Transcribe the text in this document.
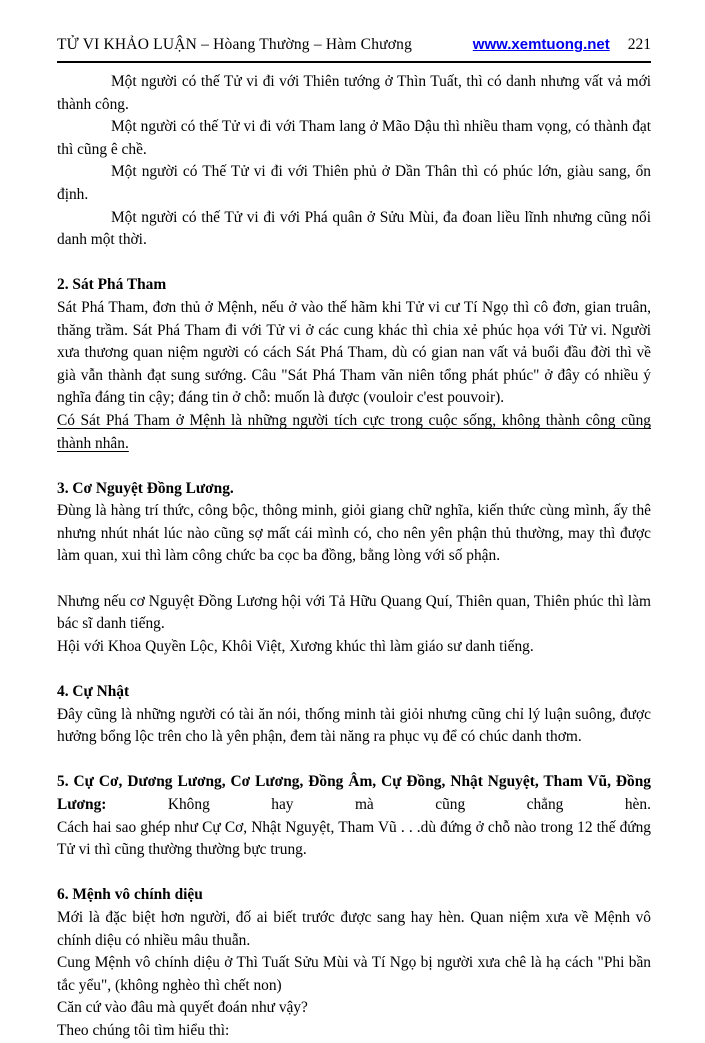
TỬ VI KHẢO LUẬN – Hòang Thường – Hàm Chương	www.xemtuong.net 221

Một người có thế Tử vi đi với Thiên tướng ở Thìn Tuất, thì có danh nhưng vất vả mới thành công.

Một người có thế Tử vi đi với Tham lang ở Mão Dậu thì nhiều tham vọng, có thành đạt thì cũng ê chề.

Một người có Thế Tử vi đi với Thiên phủ ở Dần Thân thì có phúc lớn, giàu sang, ổn định.

Một người có thế Tử vi đi với Phá quân ở Sửu Mùi, đa đoan liều lĩnh nhưng cũng nổi danh một thời.

2. Sát Phá Tham

Sát Phá Tham, đơn thủ ở Mệnh, nếu ở vào thế hãm khi Tử vi cư Tí Ngọ thì cô đơn, gian truân, thăng trầm. Sát Phá Tham đi với Tử vi ở các cung khác thì chia xẻ phúc họa với Tử vi. Người xưa thương quan niệm người có cách Sát Phá Tham, dù có gian nan vất vả buổi đầu đời thì về già vẫn thành đạt sung sướng. Câu "Sát Phá Tham vãn niên tổng phát phúc" ở đây có nhiều ý nghĩa đáng tin cậy; đáng tin ở chỗ: muốn là được (vouloir c'est pouvoir).

Có Sát Phá Tham ở Mệnh là những người tích cực trong cuộc sống, không thành công cũng thành nhân.

3. Cơ Nguyệt Đồng Lương.

Đùng là hàng trí thức, công bộc, thông minh, giỏi giang chữ nghĩa, kiến thức cùng mình, ấy thê nhưng nhút nhát lúc nào cũng sợ mất cái mình có, cho nên yên phận thủ thường, may thì được làm quan, xui thì làm công chức ba cọc ba đồng, bằng lòng với số phận.

Nhưng nếu cơ Nguyệt Đồng Lương hội với Tả Hữu Quang Quí, Thiên quan, Thiên phúc thì làm bác sĩ danh tiếng.

Hội với Khoa Quyền Lộc, Khôi Việt, Xương khúc thì làm giáo sư danh tiếng.

4. Cự Nhật

Đây cũng là những người có tài ăn nói, thống minh tài giỏi nhưng cũng chỉ lý luận suông, được hưởng bổng lộc trên cho là yên phận, đem tài năng ra phục vụ để có chúc danh thơm.

5. Cự Cơ, Dương Lương, Cơ Lương, Đồng Âm, Cự Đồng, Nhật Nguyệt, Tham Vũ, Đồng

Lương:	Không	hay	mà	cũng	chẳng	hèn.

Cách hai sao ghép như Cự Cơ, Nhật Nguyệt, Tham Vũ . . .dù đứng ở chỗ nào trong 12 thế đứng Tử vi thì cũng thường thường bực trung.

6. Mệnh vô chính diệu

Mới là đặc biệt hơn người, đố ai biết trước được sang hay hèn. Quan niệm xưa về Mệnh vô chính diệu có nhiều mâu thuẫn.

Cung Mệnh vô chính diệu ở Thì Tuất Sửu Mùi và Tí Ngọ bị người xưa chê là hạ cách "Phi bần tắc yểu", (không nghèo thì chết non)

Căn cứ vào đâu mà quyết đoán như vậy?

Theo chúng tôi tìm hiểu thì:
